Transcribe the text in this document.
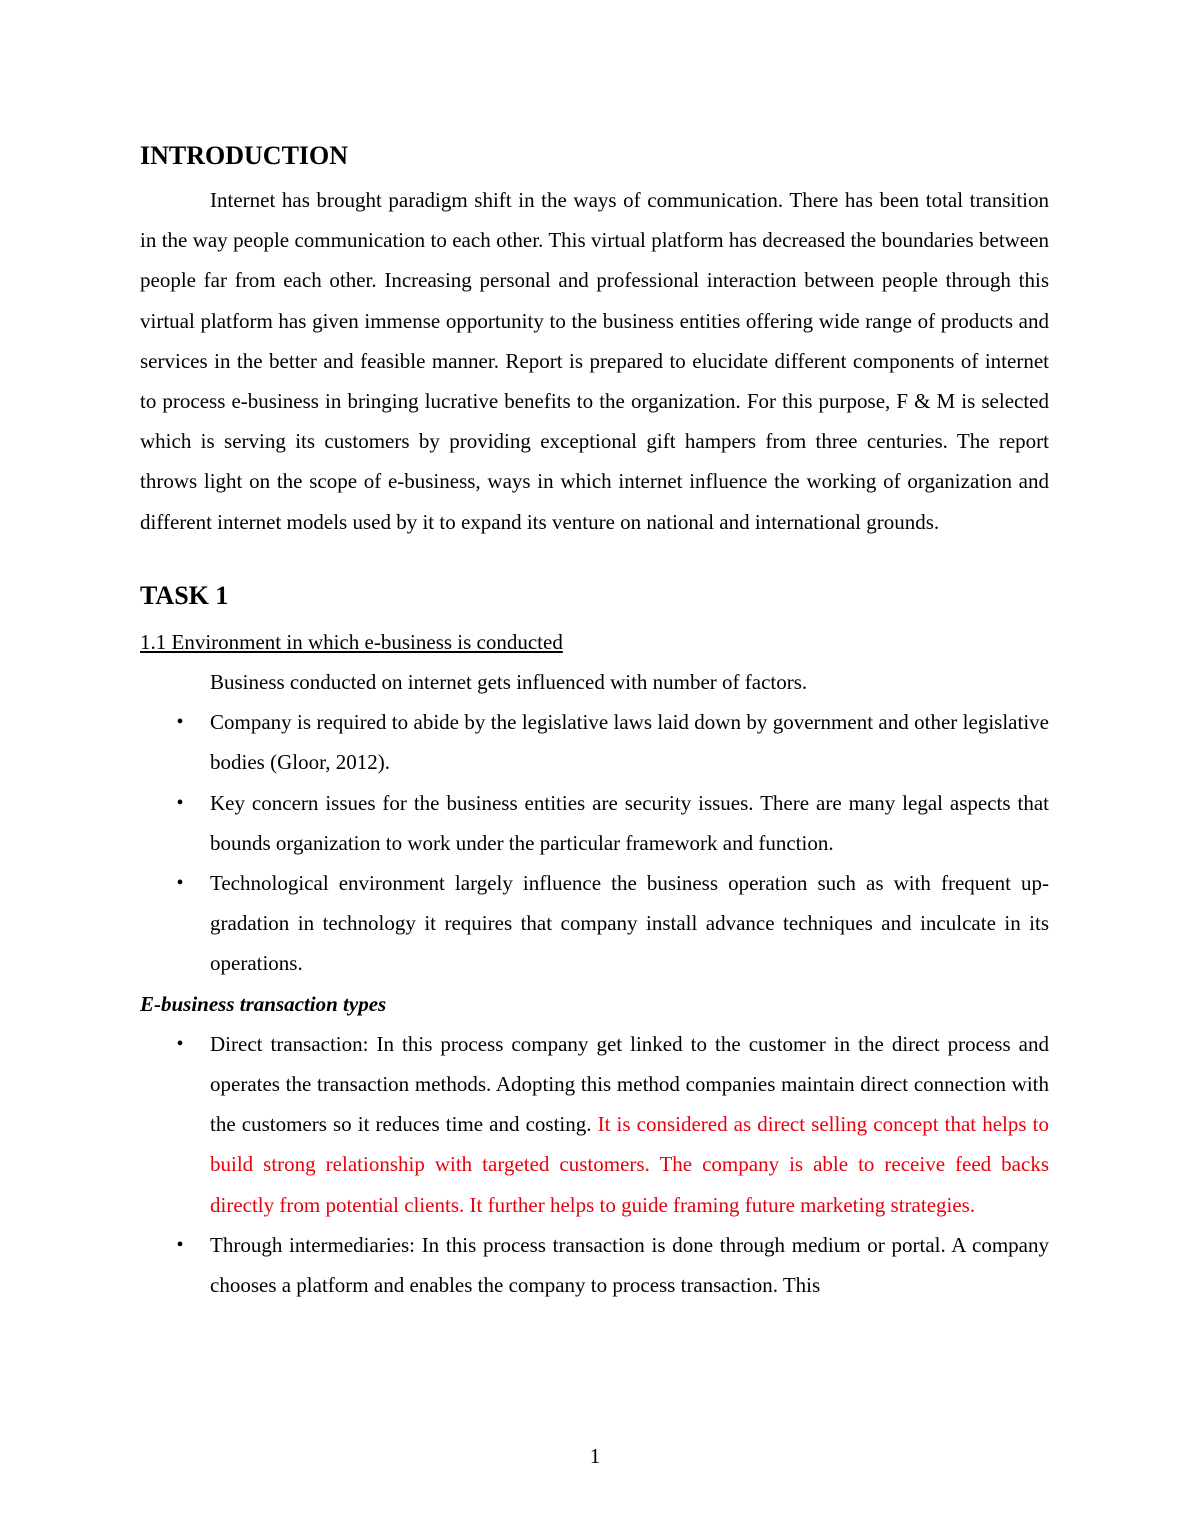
INTRODUCTION

Internet has brought paradigm shift in the ways of communication. There has been total transition in the way people communication to each other. This virtual platform has decreased the boundaries between people far from each other. Increasing personal and professional interaction between people through this virtual platform has given immense opportunity to the business entities offering wide range of products and services in the better and feasible manner. Report is prepared to elucidate different components of internet to process e-business in bringing lucrative benefits to the organization. For this purpose, F & M is selected which is serving its customers by providing exceptional gift hampers from three centuries. The report throws light on the scope of e-business, ways in which internet influence the working of organization and different internet models used by it to expand its venture on national and international grounds.

TASK 1

1.1 Environment in which e-business is conducted

Business conducted on internet gets influenced with number of factors.

• Company is required to abide by the legislative laws laid down by government and other legislative bodies (Gloor, 2012).
• Key concern issues for the business entities are security issues. There are many legal aspects that bounds organization to work under the particular framework and function.
• Technological environment largely influence the business operation such as with frequent up-gradation in technology it requires that company install advance techniques and inculcate in its operations.

E-business transaction types

• Direct transaction: In this process company get linked to the customer in the direct process and operates the transaction methods. Adopting this method companies maintain direct connection with the customers so it reduces time and costing. It is considered as direct selling concept that helps to build strong relationship with targeted customers. The company is able to receive feed backs directly from potential clients. It further helps to guide framing future marketing strategies.
• Through intermediaries: In this process transaction is done through medium or portal. A company chooses a platform and enables the company to process transaction. This
1
